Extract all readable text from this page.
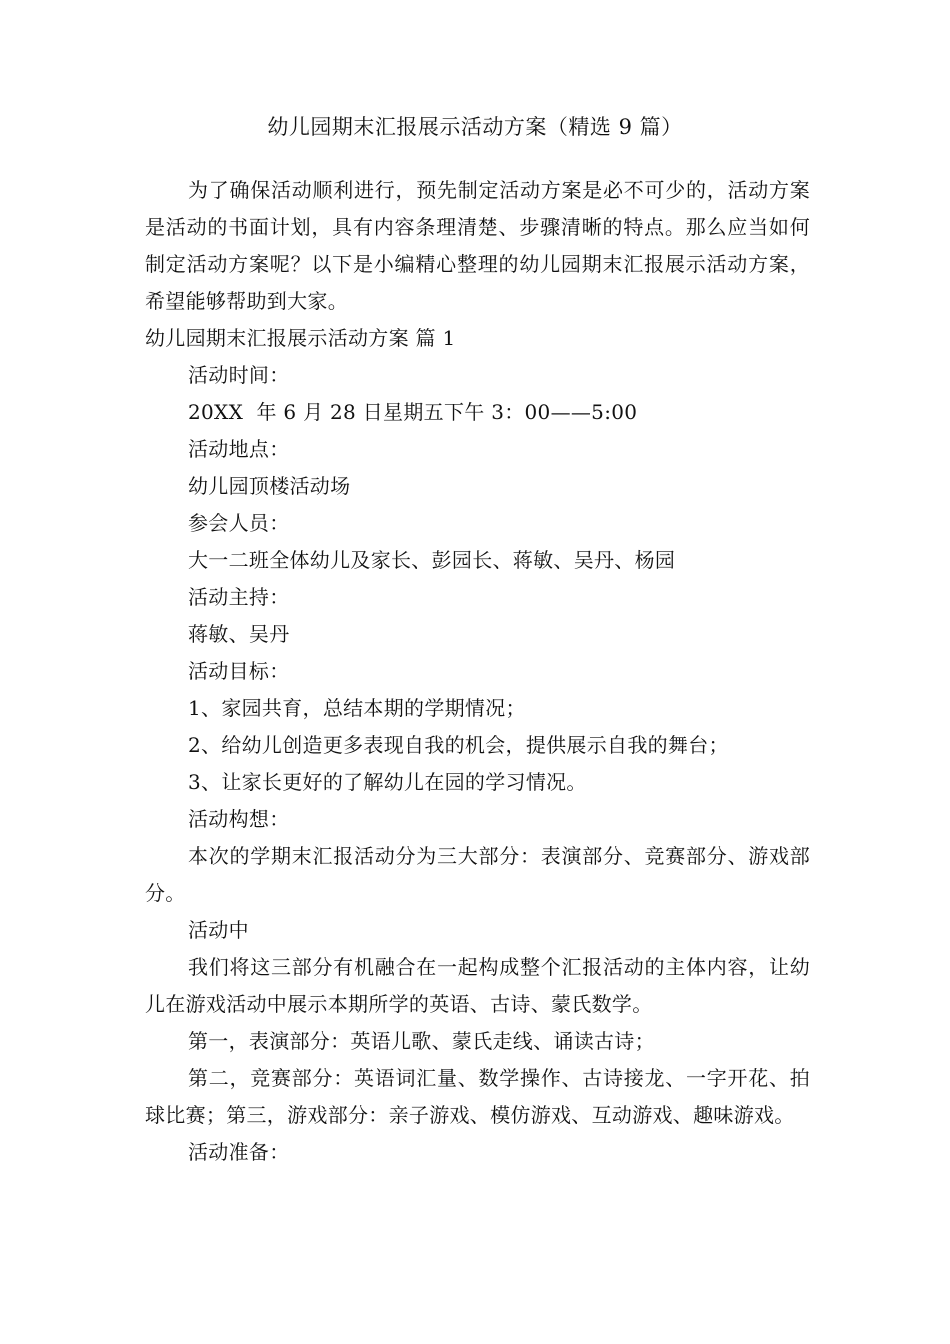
幼儿园期末汇报展示活动方案（精选 9 篇）

为了确保活动顺利进行，预先制定活动方案是必不可少的，活动方案是活动的书面计划，具有内容条理清楚、步骤清晰的特点。那么应当如何制定活动方案呢？以下是小编精心整理的幼儿园期末汇报展示活动方案，希望能够帮助到大家。

幼儿园期末汇报展示活动方案 篇 1

活动时间：

20XX  年 6 月 28 日星期五下午 3：00——5:00

活动地点：

幼儿园顶楼活动场

参会人员：

大一二班全体幼儿及家长、彭园长、蒋敏、吴丹、杨园

活动主持：

蒋敏、吴丹

活动目标：

1、家园共育，总结本期的学期情况；

2、给幼儿创造更多表现自我的机会，提供展示自我的舞台；

3、让家长更好的了解幼儿在园的学习情况。

活动构想：

本次的学期末汇报活动分为三大部分：表演部分、竞赛部分、游戏部分。

活动中

我们将这三部分有机融合在一起构成整个汇报活动的主体内容，让幼儿在游戏活动中展示本期所学的英语、古诗、蒙氏数学。

第一，表演部分：英语儿歌、蒙氏走线、诵读古诗；

第二，竞赛部分：英语词汇量、数学操作、古诗接龙、一字开花、拍球比赛；第三，游戏部分：亲子游戏、模仿游戏、互动游戏、趣味游戏。

活动准备：
